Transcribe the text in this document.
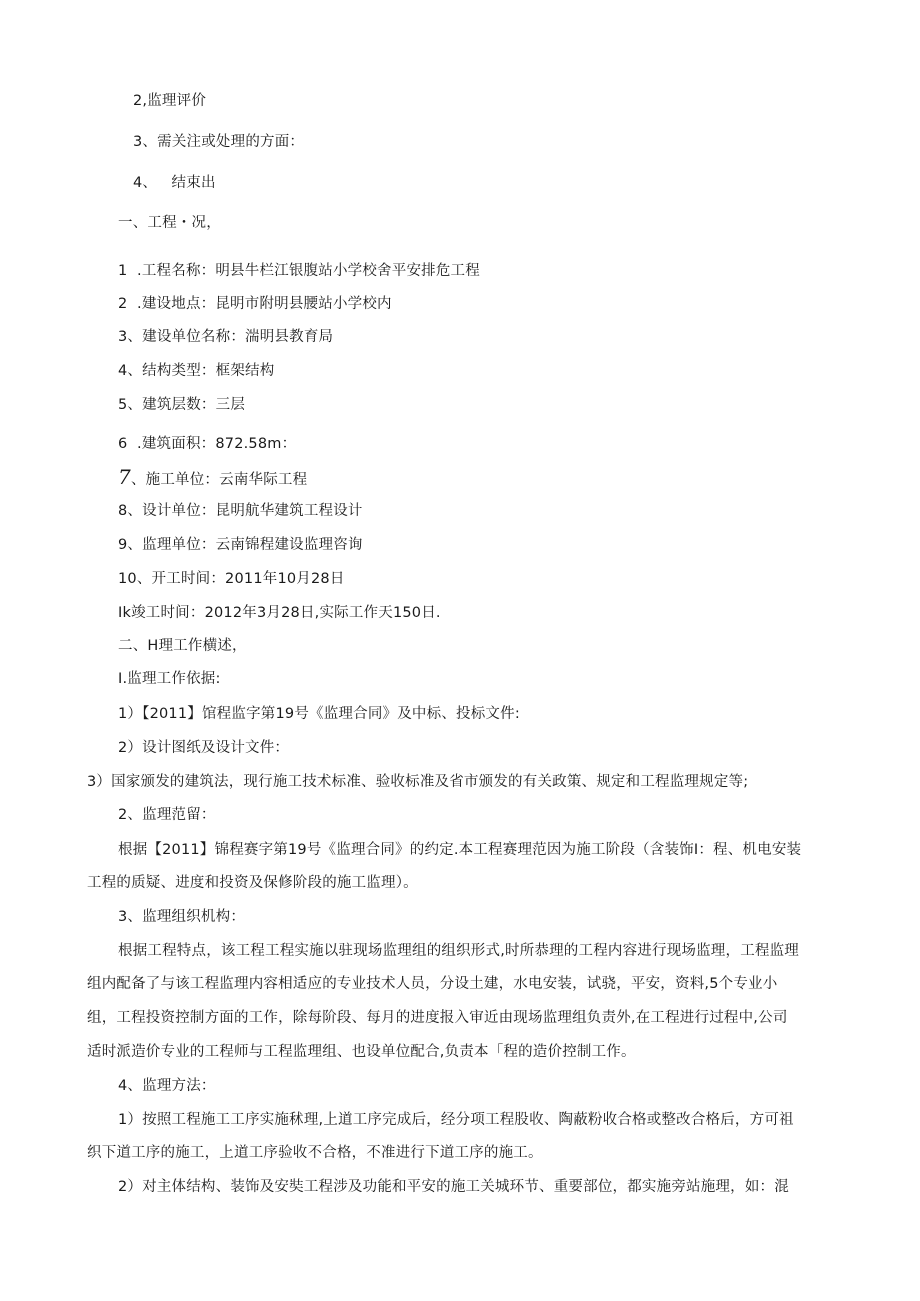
2,监理评价
3、需关注或处理的方面：
4、   结束出
一、工程・况，
1  .工程名称：明县牛栏江银腹站小学校舍平安排危工程
2  .建设地点：昆明市附明县腰站小学校内
3、建设单位名称：湍明县教育局
4、结构类型：框架结构
5、建筑层数：三层
6  .建筑面积：872.58m：
7、施工单位：云南华际工程
8、设计单位：昆明航华建筑工程设计
9、监理单位：云南锦程建设监理咨询
10、开工时间：2011年10月28日
Ik竣工时间：2012年3月28日,实际工作天150日.
二、H理工作横述，
I.监理工作依据:
1）【2011】馆程监字第19号《监理合同》及中标、投标文件:
2）设计图纸及设计文件：
3）国家颁发的建筑法，现行施工技术标准、验收标准及省市颁发的有关政策、规定和工程监理规定等;
2、监理范留：
根据【2011】锦程赛字第19号《监理合同》的约定.本工程赛理范因为施工阶段（含装饰I：程、机电安装
工程的质疑、进度和投资及保修阶段的施工监理）。
3、监理组织机构：
根据工程特点，该工程工程实施以驻现场监理组的组织形式,时所恭理的工程内容进行现场监理，工程监理
组内配备了与该工程监理内容相适应的专业技术人员，分设土建，水电安装，试骁，平安，资料,5个专业小
组，工程投资控制方面的工作，除每阶段、每月的进度报入审近由现场监理组负责外,在工程进行过程中,公司
适时派造价专业的工程师与工程监理组、也设单位配合,负责本「程的造价控制工作。
4、监理方法：
1）按照工程施工工序实施秫理,上道工序完成后，经分项工程股收、陶蔽粉收合格或整改合格后，方可祖
织下道工序的施工，上道工序验收不合格，不准进行下道工序的施工。
2）对主体结构、装饰及安奘工程涉及功能和平安的施工关城环节、重要部位，都实施旁站施理，如：混
